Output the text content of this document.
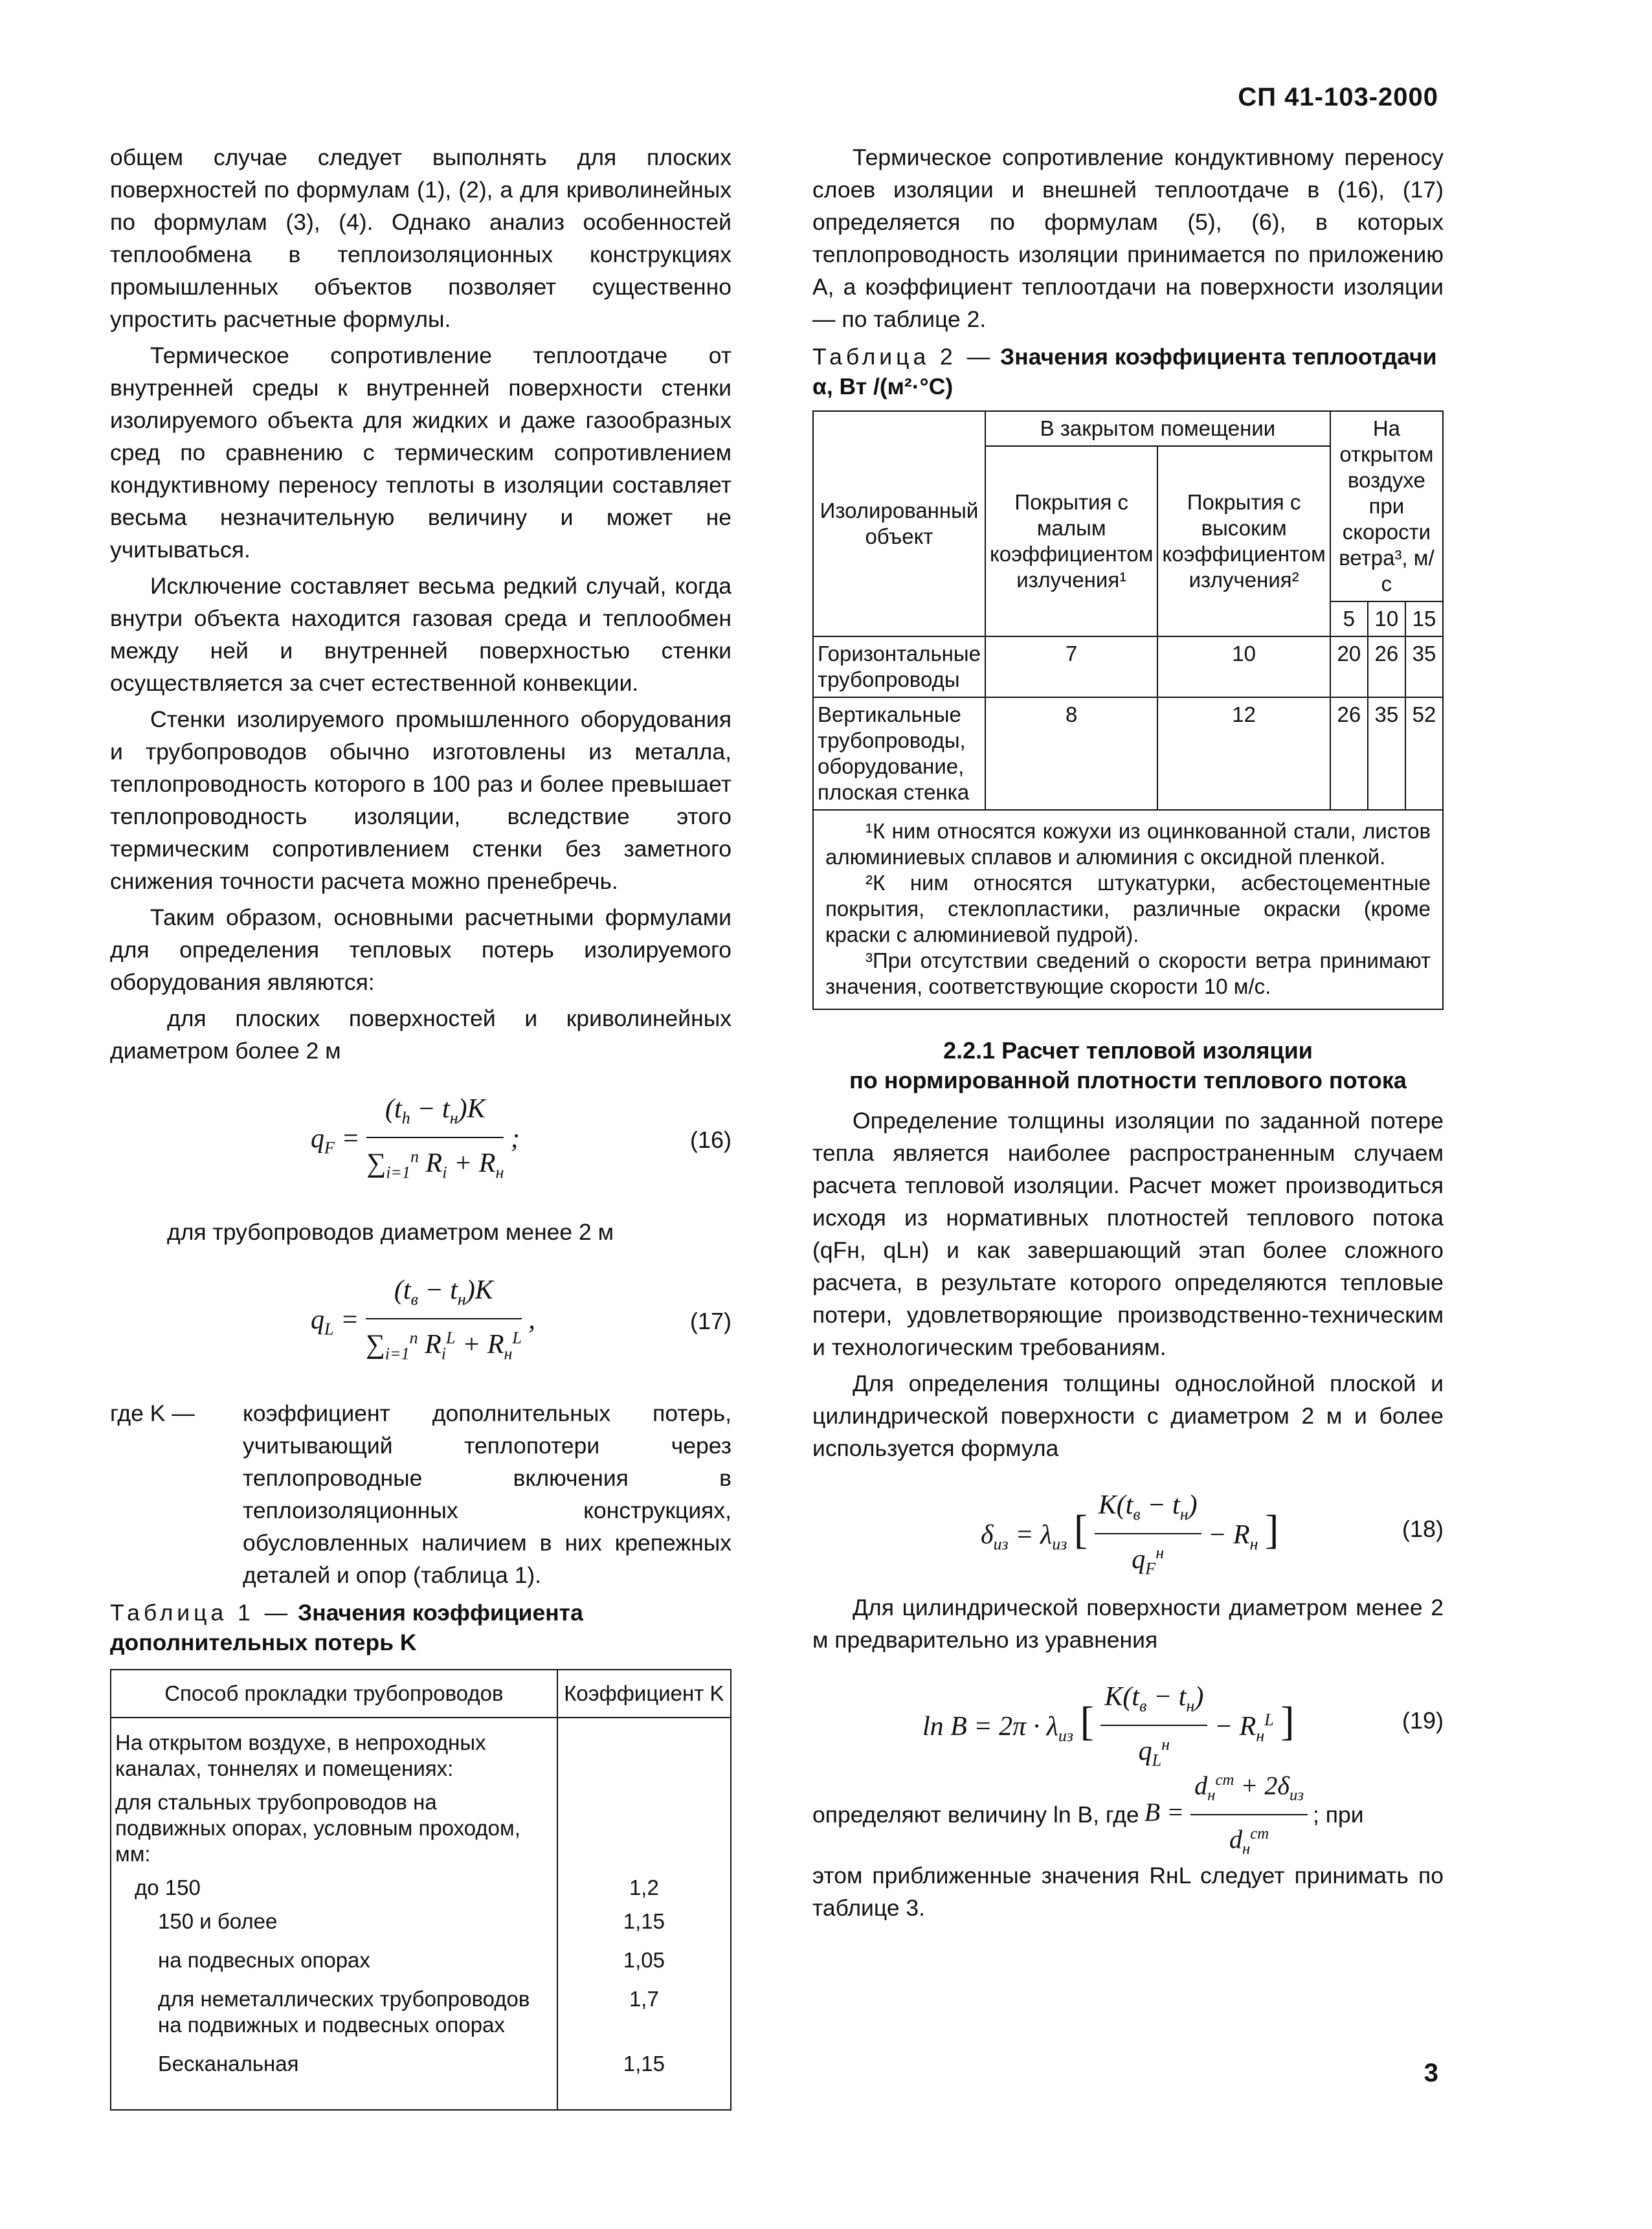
СП 41-103-2000

общем случае следует выполнять для плоских поверхностей по формулам (1), (2), а для криволинейных по формулам (3), (4). Однако анализ особенностей теплообмена в теплоизоляционных конструкциях промышленных объектов позволяет существенно упростить расчетные формулы.

Термическое сопротивление теплоотдаче от внутренней среды к внутренней поверхности стенки изолируемого объекта для жидких и даже газообразных сред по сравнению с термическим сопротивлением кондуктивному переносу теплоты в изоляции составляет весьма незначительную величину и может не учитываться.

Исключение составляет весьма редкий случай, когда внутри объекта находится газовая среда и теплообмен между ней и внутренней поверхностью стенки осуществляется за счет естественной конвекции.

Стенки изолируемого промышленного оборудования и трубопроводов обычно изготовлены из металла, теплопроводность которого в 100 раз и более превышает теплопроводность изоляции, вследствие этого термическим сопротивлением стенки без заметного снижения точности расчета можно пренебречь.

Таким образом, основными расчетными формулами для определения тепловых потерь изолируемого оборудования являются:

для плоских поверхностей и криволинейных диаметром более 2 м

$q_F = \frac{(t_h - t_н)K}{\sum_{i=1}^n R_i + R_н}$ ;	(16)

для трубопроводов диаметром менее 2 м

$q_L = \frac{(t_в - t_н)K}{\sum_{i=1}^n R_i^L + R_н^L}$ ,	(17)
где K —	коэффициент дополнительных потерь, учитывающий теплопотери через теплопроводные включения в теплоизоляционных конструкциях, обусловленных наличием в них крепежных деталей и опор (таблица 1).

Таблица 1 — Значения коэффициента дополнительных потерь K
Способ прокладки трубопроводов	Коэффициент K
На открытом воздухе, в непроходных каналах, тоннелях и помещениях:	
для стальных трубопроводов на подвижных опорах, условным проходом, мм:	
до 150	1,2
150 и более	1,15
на подвесных опорах	1,05
для неметаллических трубопроводов на подвижных и подвесных опорах	1,7
Бесканальная	1,15

Термическое сопротивление кондуктивному переносу слоев изоляции и внешней теплоотдаче в (16), (17) определяется по формулам (5), (6), в которых теплопроводность изоляции принимается по приложению А, а коэффициент теплоотдачи на поверхности изоляции — по таблице 2.

Таблица 2 — Значения коэффициента теплоотдачи α, Вт /(м²·°С)
Изолированный объект	В закрытом помещении		На открытом воздухе при скорости ветра³, м/с		
	Покрытия с малым коэффициентом излучения¹	Покрытия с высоким коэффициентом излучения²			
			5	10	15
Горизонтальные трубопроводы	7	10	20	26	35
Вертикальные трубопроводы, оборудование, плоская стенка	8	12	26	35	52

¹К ним относятся кожухи из оцинкованной стали, листов алюминиевых сплавов и алюминия с оксидной пленкой.

²К ним относятся штукатурки, асбестоцементные покрытия, стеклопластики, различные окраски (кроме краски с алюминиевой пудрой).

³При отсутствии сведений о скорости ветра принимают значения, соответствующие скорости 10 м/с.

2.2.1 Расчет тепловой изоляции
по нормированной плотности теплового потока

Определение толщины изоляции по заданной потере тепла является наиболее распространенным случаем расчета тепловой изоляции. Расчет может производиться исходя из нормативных плотностей теплового потока (qFн, qLн) и как завершающий этап более сложного расчета, в результате которого определяются тепловые потери, удовлетворяющие производственно-техническим и технологическим требованиям.

Для определения толщины однослойной плоской и цилиндрической поверхности с диаметром 2 м и более используется формула

$\delta_{из} = \lambda_{из}$ [ $\frac{K(t_в - t_н)}{q_F^н} - R_н$ ]	(18)

Для цилиндрической поверхности диаметром менее 2 м предварительно из уравнения

$\ln B = 2\pi \cdot \lambda_{из}$ [ $\frac{K(t_в - t_н)}{q_L^н} - R_н^L$ ]	(19)
определяют величину ln B, где $B = \frac{d_н^{ст} + 2\delta_{из}}{d_н^{ст}}$ ; при

этом приближенные значения RнL следует принимать по таблице 3.

3
